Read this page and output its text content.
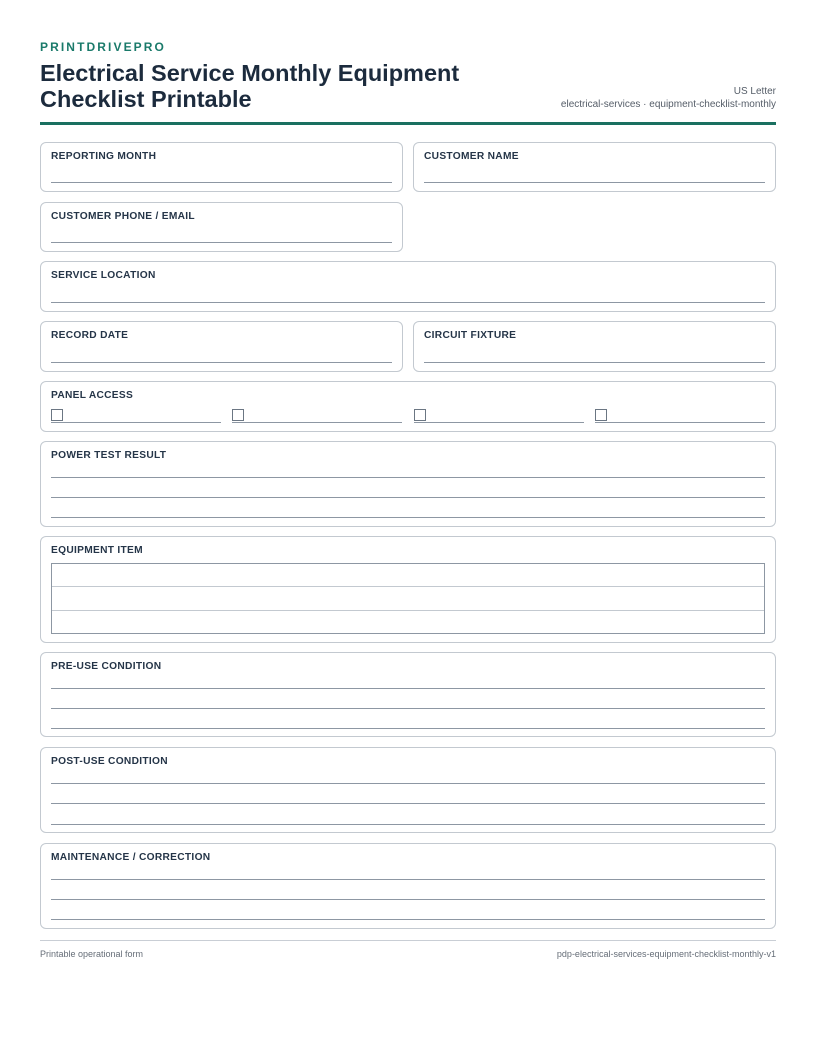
PRINTDRIVEPRO
Electrical Service Monthly Equipment Checklist Printable	US Letter
electrical-services · equipment-checklist-monthly
REPORTING MONTH	CUSTOMER NAME
CUSTOMER PHONE / EMAIL
SERVICE LOCATION
RECORD DATE	CIRCUIT FIXTURE
PANEL ACCESS
POWER TEST RESULT
EQUIPMENT ITEM
PRE-USE CONDITION
POST-USE CONDITION
MAINTENANCE / CORRECTION
Printable operational form	pdp-electrical-services-equipment-checklist-monthly-v1
